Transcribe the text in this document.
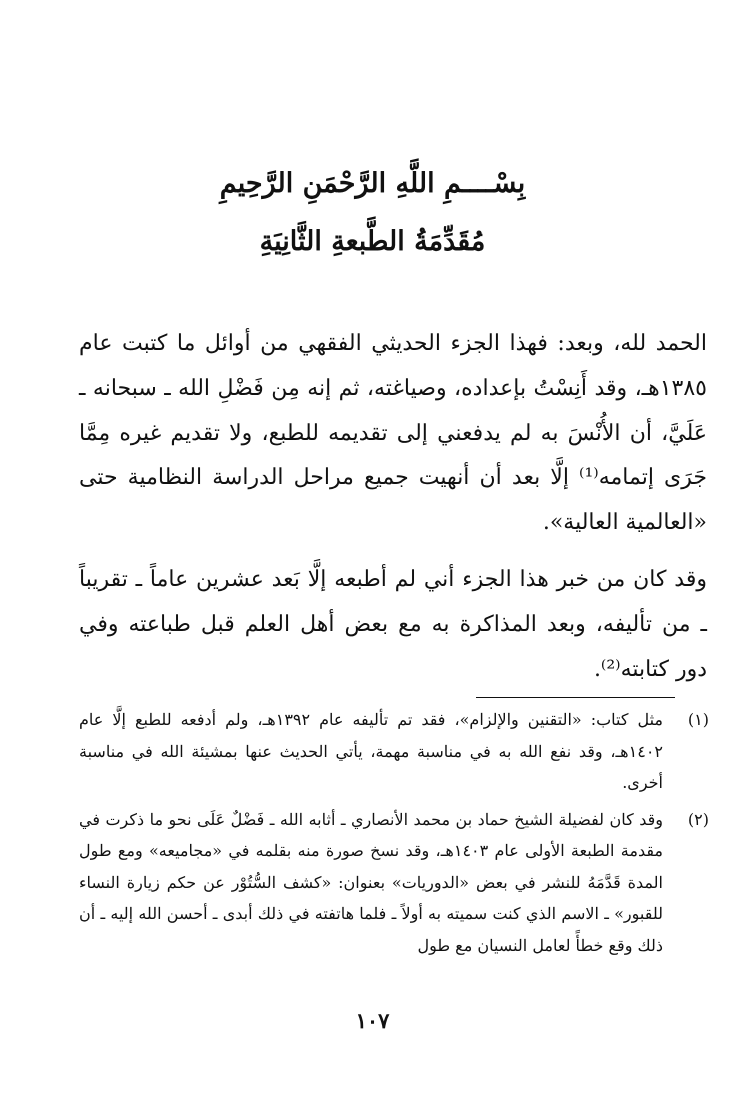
بِسْــــمِ اللَّهِ الرَّحْمَنِ الرَّحِيمِ
مُقَدِّمَةُ الطَّبعةِ الثَّانِيَةِ

الحمد لله، وبعد: فهذا الجزء الحديثي الفقهي من أوائل ما كتبت عام ١٣٨٥هـ، وقد أَنِسْتُ بإعداده، وصياغته، ثم إنه مِن فَضْلِ الله ـ سبحانه ـ عَلَيَّ، أن الأُنْسَ به لم يدفعني إلى تقديمه للطبع، ولا تقديم غيره مِمَّا جَرَى إتمامه⁽¹⁾ إلَّا بعد أن أنهيت جميع مراحل الدراسة النظامية حتى «العالمية العالية».

وقد كان من خبر هذا الجزء أني لم أطبعه إلَّا بَعد عشرين عاماً ـ تقريباً ـ من تأليفه، وبعد المذاكرة به مع بعض أهل العلم قبل طباعته وفي دور كتابته⁽²⁾.

(١)
مثل كتاب: «التقنين والإلزام»، فقد تم تأليفه عام ١٣٩٢هـ، ولم أدفعه للطبع إلَّا عام ١٤٠٢هـ، وقد نفع الله به في مناسبة مهمة، يأتي الحديث عنها بمشيئة الله في مناسبة أخرى.
(٢)
وقد كان لفضيلة الشيخ حماد بن محمد الأنصاري ـ أثابه الله ـ فَضْلٌ عَلَى نحو ما ذكرت في مقدمة الطبعة الأولى عام ١٤٠٣هـ، وقد نسخ صورة منه بقلمه في «مجاميعه» ومع طول المدة قَدَّمَهُ للنشر في بعض «الدوريات» بعنوان: «كشف السُّتُوْر عن حكم زيارة النساء للقبور» ـ الاسم الذي كنت سميته به أولاً ـ فلما هاتفته في ذلك أبدى ـ أحسن الله إليه ـ أن ذلك وقع خطأً لعامل النسيان مع طول
١٠٧
